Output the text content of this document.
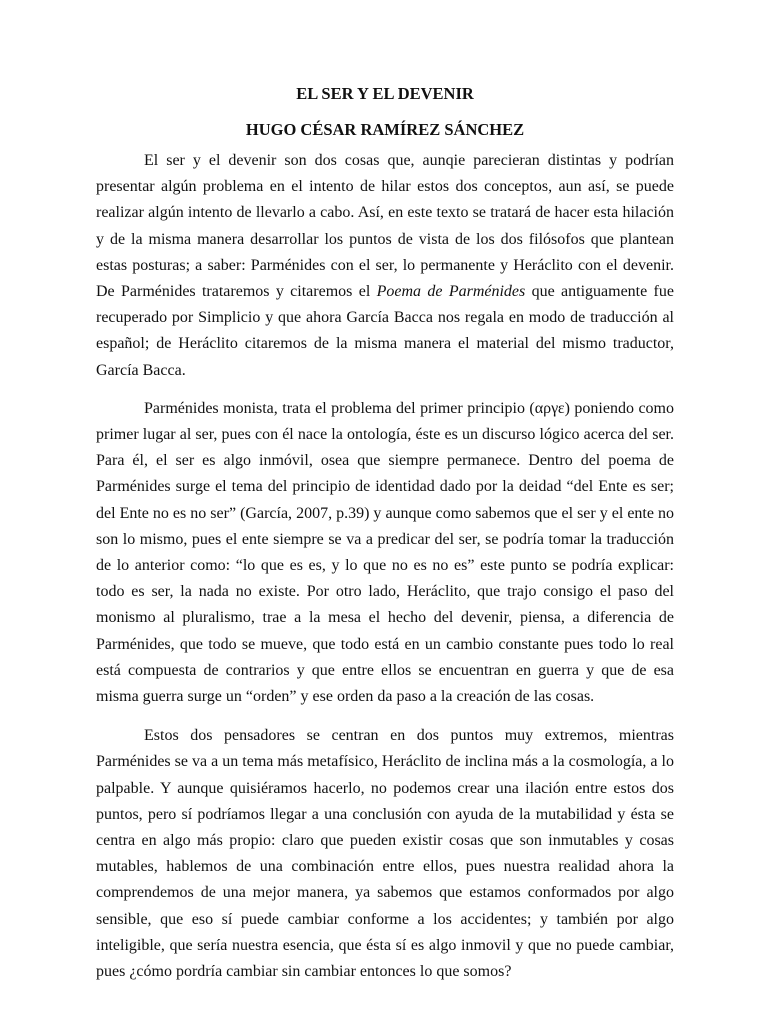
EL SER Y EL DEVENIR
HUGO CÉSAR RAMÍREZ SÁNCHEZ

El ser y el devenir son dos cosas que, aunqie parecieran distintas y podrían presentar algún problema en el intento de hilar estos dos conceptos, aun así, se puede realizar algún intento de llevarlo a cabo. Así, en este texto se tratará de hacer esta hilación y de la misma manera desarrollar los puntos de vista de los dos filósofos que plantean estas posturas; a saber: Parménides con el ser, lo permanente y Heráclito con el devenir. De Parménides trataremos y citaremos el Poema de Parménides que antiguamente fue recuperado por Simplicio y que ahora García Bacca nos regala en modo de traducción al español; de Heráclito citaremos de la misma manera el material del mismo traductor, García Bacca.

Parménides monista, trata el problema del primer principio (αργε) poniendo como primer lugar al ser, pues con él nace la ontología, éste es un discurso lógico acerca del ser. Para él, el ser es algo inmóvil, osea que siempre permanece. Dentro del poema de Parménides surge el tema del principio de identidad dado por la deidad “del Ente es ser; del Ente no es no ser” (García, 2007, p.39) y aunque como sabemos que el ser y el ente no son lo mismo, pues el ente siempre se va a predicar del ser, se podría tomar la traducción de lo anterior como: “lo que es es, y lo que no es no es” este punto se podría explicar: todo es ser, la nada no existe. Por otro lado, Heráclito, que trajo consigo el paso del monismo al pluralismo, trae a la mesa el hecho del devenir, piensa, a diferencia de Parménides, que todo se mueve, que todo está en un cambio constante pues todo lo real está compuesta de contrarios y que entre ellos se encuentran en guerra y que de esa misma guerra surge un “orden” y ese orden da paso a la creación de las cosas.

Estos dos pensadores se centran en dos puntos muy extremos, mientras Parménides se va a un tema más metafísico, Heráclito de inclina más a la cosmología, a lo palpable. Y aunque quisiéramos hacerlo, no podemos crear una ilación entre estos dos puntos, pero sí podríamos llegar a una conclusión con ayuda de la mutabilidad y ésta se centra en algo más propio: claro que pueden existir cosas que son inmutables y cosas mutables, hablemos de una combinación entre ellos, pues nuestra realidad ahora la comprendemos de una mejor manera, ya sabemos que estamos conformados por algo sensible, que eso sí puede cambiar conforme a los accidentes; y también por algo inteligible, que sería nuestra esencia, que ésta sí es algo inmovil y que no puede cambiar, pues ¿cómo pordría cambiar sin cambiar entonces lo que somos?
